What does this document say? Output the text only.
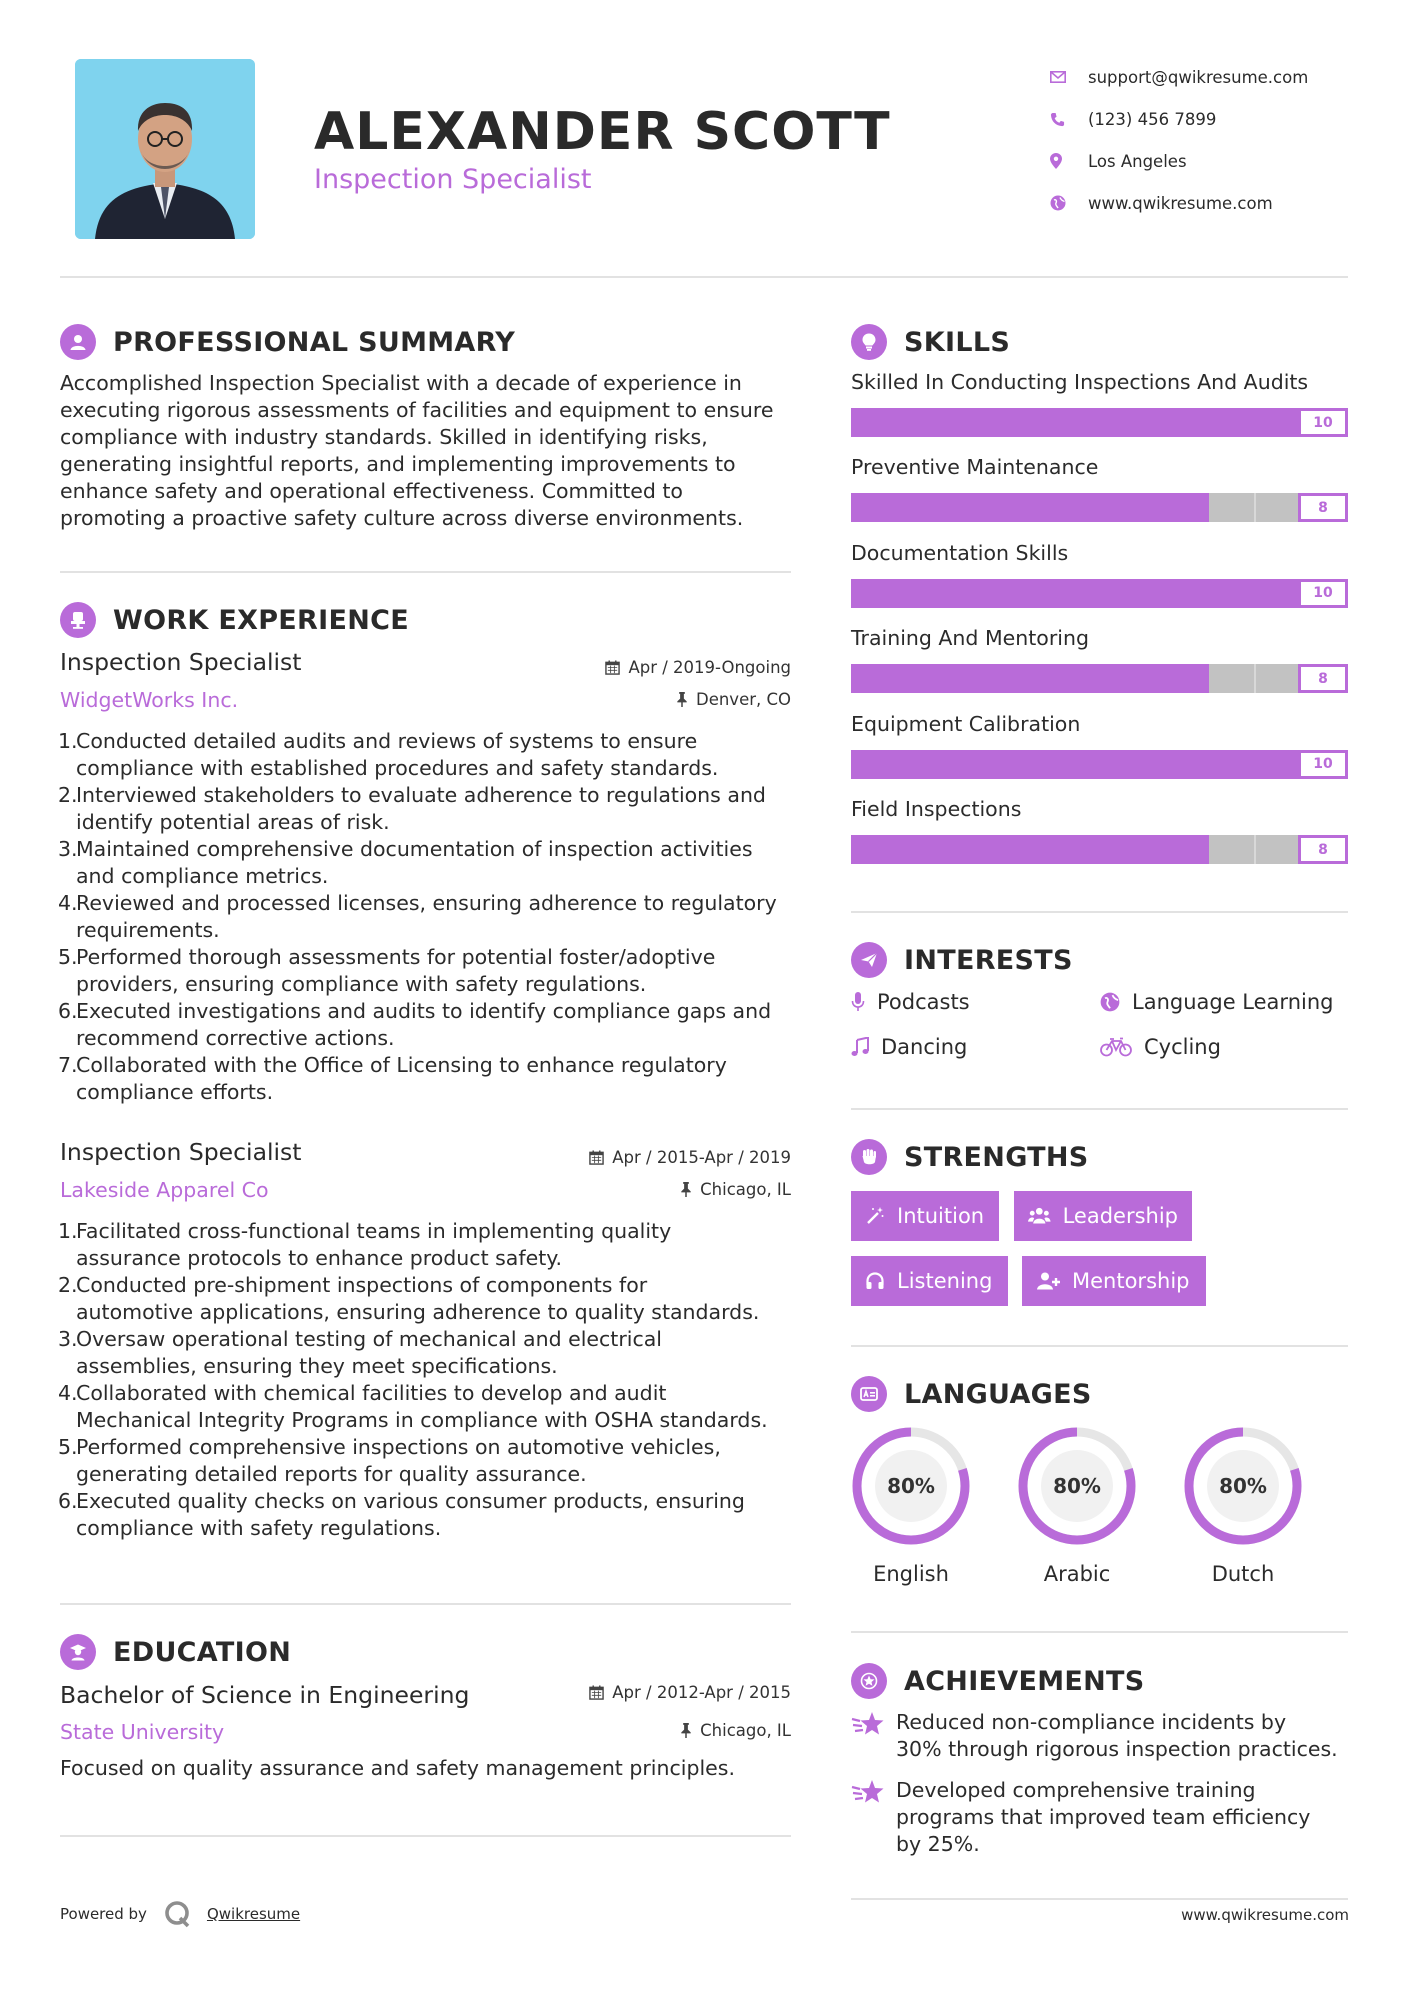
ALEXANDER SCOTT
Inspection Specialist
support@qwikresume.com
(123) 456 7899
Los Angeles
www.qwikresume.com
PROFESSIONAL SUMMARY
Accomplished Inspection Specialist with a decade of experience in
executing rigorous assessments of facilities and equipment to ensure
compliance with industry standards. Skilled in identifying risks,
generating insightful reports, and implementing improvements to
enhance safety and operational effectiveness. Committed to
promoting a proactive safety culture across diverse environments.
WORK EXPERIENCE
Inspection Specialist
WidgetWorks Inc.
Apr / 2019-Ongoing
Denver, CO
1.
Conducted detailed audits and reviews of systems to ensure
compliance with established procedures and safety standards.
2.
Interviewed stakeholders to evaluate adherence to regulations and
identify potential areas of risk.
3.
Maintained comprehensive documentation of inspection activities
and compliance metrics.
4.
Reviewed and processed licenses, ensuring adherence to regulatory
requirements.
5.
Performed thorough assessments for potential foster/adoptive
providers, ensuring compliance with safety regulations.
6.
Executed investigations and audits to identify compliance gaps and
recommend corrective actions.
7.
Collaborated with the Office of Licensing to enhance regulatory
compliance efforts.
Inspection Specialist
Lakeside Apparel Co
Apr / 2015-Apr / 2019
Chicago, IL
1.
Facilitated cross-functional teams in implementing quality
assurance protocols to enhance product safety.
2.
Conducted pre-shipment inspections of components for
automotive applications, ensuring adherence to quality standards.
3.
Oversaw operational testing of mechanical and electrical
assemblies, ensuring they meet specifications.
4.
Collaborated with chemical facilities to develop and audit
Mechanical Integrity Programs in compliance with OSHA standards.
5.
Performed comprehensive inspections on automotive vehicles,
generating detailed reports for quality assurance.
6.
Executed quality checks on various consumer products, ensuring
compliance with safety regulations.
EDUCATION
Bachelor of Science in Engineering
State University
Apr / 2012-Apr / 2015
Chicago, IL
Focused on quality assurance and safety management principles.
SKILLS
Skilled In Conducting Inspections And Audits
10
Preventive Maintenance
8
Documentation Skills
10
Training And Mentoring
8
Equipment Calibration
10
Field Inspections
8
INTERESTS
Podcasts	Language Learning
Dancing	Cycling
STRENGTHS
Intuition	Leadership
Listening	Mentorship
LANGUAGES
80%
English
80%
Arabic
80%
Dutch
ACHIEVEMENTS
Reduced non-compliance incidents by
30% through rigorous inspection practices.
Developed comprehensive training
programs that improved team efficiency
by 25%.
Powered by	Qwikresume	www.qwikresume.com
